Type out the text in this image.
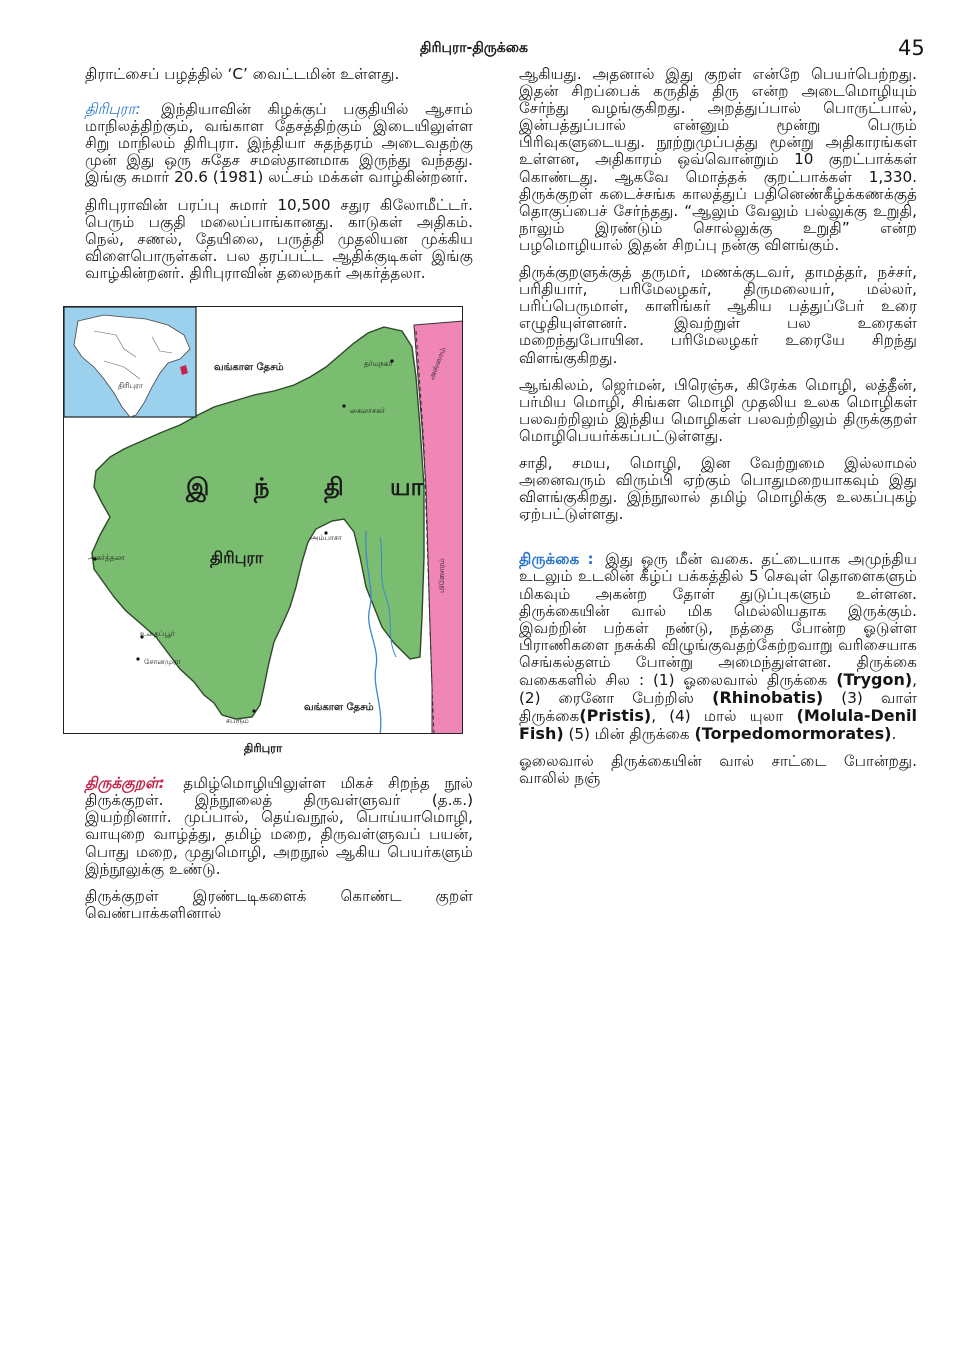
திரிபுரா-திருக்கை	45

திராட்சைப் பழத்தில் ‘C’ வைட்டமின் உள்ளது.

திரிபுரா: இந்தியாவின் கிழக்குப் பகுதியில் ஆசாம் மாநிலத்திற்கும், வங்காள தேசத்திற்கும் இடையிலுள்ள சிறு மாநிலம் திரிபுரா. இந்தியா சுதந்தரம் அடைவதற்கு முன் இது ஒரு சுதேச சமஸ்தானமாக இருந்து வந்தது. இங்கு சுமார் 20.6 (1981) லட்சம் மக்கள் வாழ்கின்றனர்.

திரிபுராவின் பரப்பு சுமார் 10,500 சதுர கிலோமீட்டர். பெரும் பகுதி மலைப்பாங்கானது. காடுகள் அதிகம். நெல், சணல், தேயிலை, பருத்தி முதலியன முக்கிய விளைபொருள்கள். பல தரப்பட்ட ஆதிக்குடிகள் இங்கு வாழ்கின்றனர். திரிபுராவின் தலைநகர் அகர்த்தலா.

திரிபுரா
வங்காள தேசம்	தர்மநகர்
கைலாசகர்
அஸ்ஸாம்
இ ந் தி யா
அம்பாசா
திரிபுரா
அகர்த்தலா
மிஸோரம்
உதைப்பூர்
சோனமுரா
வங்காள தேசம்
சப்ரூம்
திரிபுரா

திருக்குறள்: தமிழ்மொழியிலுள்ள மிகச் சிறந்த நூல் திருக்குறள். இந்நூலைத் திருவள்ளுவர் (த.க.) இயற்றினார். முப்பால், தெய்வநூல், பொய்யாமொழி, வாயுறை வாழ்த்து, தமிழ் மறை, திருவள்ளுவப் பயன், பொது மறை, முதுமொழி, அறநூல் ஆகிய பெயர்களும் இந்நூலுக்கு உண்டு.

திருக்குறள் இரண்டடிகளைக் கொண்ட குறள் வெண்பாக்களினால்

ஆகியது. அதனால் இது குறள் என்றே பெயர்பெற்றது. இதன் சிறப்பைக் கருதித் திரு என்ற அடைமொழியும் சேர்ந்து வழங்குகிறது. அறத்துப்பால் பொருட்பால், இன்பத்துப்பால் என்னும் மூன்று பெரும் பிரிவுகளுடையது. நூற்றுமுப்பத்து மூன்று அதிகாரங்கள் உள்ளன, அதிகாரம் ஒவ்வொன்றும் 10 குறட்பாக்கள் கொண்டது. ஆகவே மொத்தக் குறட்பாக்கள் 1,330. திருக்குறள் கடைச்சங்க காலத்துப் பதினெண்கீழ்க்கணக்குத் தொகுப்பைச் சேர்ந்தது. “ஆலும் வேலும் பல்லுக்கு உறுதி, நாலும் இரண்டும் சொல்லுக்கு உறுதி” என்ற பழமொழியால் இதன் சிறப்பு நன்கு விளங்கும்.

திருக்குறளுக்குத் தருமர், மணக்குடவர், தாமத்தர், நச்சர், பரிதியார், பரிமேலழகர், திருமலையர், மல்லர், பரிப்பெருமாள், காளிங்கர் ஆகிய பத்துப்பேர் உரை எழுதியுள்ளனர். இவற்றுள் பல உரைகள் மறைந்துபோயின. பரிமேலழகர் உரையே சிறந்து விளங்குகிறது.

ஆங்கிலம், ஜெர்மன், பிரெஞ்சு, கிரேக்க மொழி, லத்தீன், பர்மிய மொழி, சிங்கள மொழி முதலிய உலக மொழிகள் பலவற்றிலும் இந்திய மொழிகள் பலவற்றிலும் திருக்குறள் மொழிபெயர்க்கப்பட்டுள்ளது.

சாதி, சமய, மொழி, இன வேற்றுமை இல்லாமல் அனைவரும் விரும்பி ஏற்கும் பொதுமறையாகவும் இது விளங்குகிறது. இந்நூலால் தமிழ் மொழிக்கு உலகப்புகழ் ஏற்பட்டுள்ளது.

திருக்கை : இது ஒரு மீன் வகை. தட்டையாக அமுந்திய உடலும் உடலின் கீழ்ப் பக்கத்தில் 5 செவுள் தொளைகளும் மிகவும் அகன்ற தோள் துடுப்புகளும் உள்ளன. திருக்கையின் வால் மிக மெல்லியதாக இருக்கும். இவற்றின் பற்கள் நண்டு, நத்தை போன்ற ஓடுள்ள பிராணிகளை நசுக்கி விழுங்குவதற்கேற்றவாறு வரிசையாக செங்கல்தளம் போன்று அமைந்துள்ளன. திருக்கை வகைகளில் சில : (1) ஓலைவால் திருக்கை (Trygon), (2) ரைனோ பேற்றிஸ் (Rhinobatis) (3) வாள் திருக்கை(Pristis), (4) மால் யுலா (Molula-Denil Fish) (5) மின் திருக்கை (Torpedomormorates).

ஓலைவால் திருக்கையின் வால் சாட்டை போன்றது. வாலில் நஞ்
